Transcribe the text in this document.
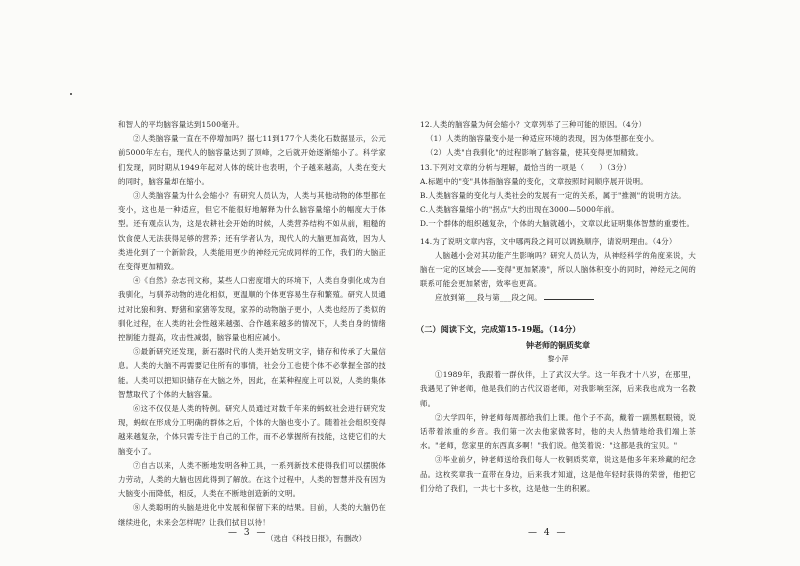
和智人的平均脑容量达到1500毫升。

②人类脑容量一直在不停增加吗？据七11到177个人类化石数据显示，公元前5000年左右，现代人的脑容量达到了顶峰，之后就开始逐渐缩小了。科学家们发现，同时期从1949年起对人体的统计也表明，个子越来越高，人类在变大的同时，脑容量却在缩小。

③人类脑容量为什么会缩小？有研究人员认为，人类与其他动物的体型都在变小，这也是一种适应，但它不能很好地解释为什么脑容量缩小的幅度大于体型。还有观点认为，这是农耕社会开始的时候，人类营养结构不如从前，粗糙的饮食使人无法获得足够的营养；还有学者认为，现代人的大脑更加高效，因为人类进化到了一个新阶段，人类能用更少的神经元完成同样的工作，我们的大脑正在变得更加精致。

④《自然》杂志刊文称，某些人口密度增大的环境下，人类自身驯化成为自我驯化，与驯养动物的进化相似，更温顺的个体更容易生存和繁殖。研究人员通过对比狼和狗、野猪和家猪等发现，家养的动物脑子更小，人类也经历了类似的驯化过程，在人类的社会性越来越强、合作越来越多的情况下，人类自身的情绪控制能力提高，攻击性减弱，脑容量也相应减小。

⑤最新研究还发现，新石器时代的人类开始发明文字，储存和传承了大量信息。人类的大脑不再需要记住所有的事情，社会分工也使个体不必掌握全部的技能。人类可以把知识储存在大脑之外，因此，在某种程度上可以说，人类的集体智慧取代了个体的大脑容量。

⑥这不仅仅是人类的特例。研究人员通过对数千年来的蚂蚁社会进行研究发现，蚂蚁在形成分工明确的群体之后，个体的大脑也变小了。随着社会组织变得越来越复杂，个体只需专注于自己的工作，而不必掌握所有技能，这使它们的大脑变小了。

⑦自古以来，人类不断地发明各种工具，一系列新技术使得我们可以摆脱体力劳动，人类的大脑也因此得到了解放。在这个过程中，人类的智慧并没有因为大脑变小而降低，相反，人类在不断地创造新的文明。

⑧人类聪明的头脑是进化中发展和保留下来的结果。目前，人类的大脑仍在继续进化，未来会怎样呢？让我们拭目以待！

（选自《科技日报》，有删改）

— 3 —

12.人类的脑容量为何会缩小？文章列举了三种可能的原因。（4分）

（1）人类的脑容量变小是一种适应环境的表现，因为体型都在变小。

（2）人类"自我驯化"的过程影响了脑容量，使其变得更加精致。

13.下列对文章的分析与理解，最恰当的一项是（　　）（3分）

A.标题中的"变"具体指脑容量的变化，文章按照时间顺序展开说明。

B.人类脑容量的变化与人类社会的发展有一定的关系，属于"推测"的说明方法。

C.人类脑容量缩小的"拐点"大约出现在3000—5000年前。

D.一个群体的组织越复杂，个体的大脑就越小，文章以此证明集体智慧的重要性。

14.为了说明文章内容，文中哪两段之间可以调换顺序，请说明理由。（4分）

人脑越小会对其功能产生影响吗？研究人员认为，从神经科学的角度来说，大脑在一定的区域会——变得"更加紧凑"，所以人脑体积变小的同时，神经元之间的联系可能会更加紧密，效率也更高。

应放到第___段与第___段之间。

（二）阅读下文，完成第15-19题。（14分）

钟老师的铜质奖章

黎小萍

①1989年，我跟着一群伙伴，上了武汉大学。这一年我才十八岁，在那里，我遇见了钟老师，他是我们的古代汉语老师，对我影响至深，后来我也成为一名教师。

②大学四年，钟老师每周都给我们上课。他个子不高，戴着一副黑框眼镜，说话带着浓重的乡音。我们第一次去他家做客时，他的夫人热情地给我们端上茶水。"老师，您家里的东西真多啊！"我们说。他笑着说："这都是我的宝贝。"

③毕业前夕，钟老师送给我们每人一枚铜质奖章，说这是他多年来珍藏的纪念品。这枚奖章我一直带在身边，后来我才知道，这是他年轻时获得的荣誉，他把它们分给了我们，一共七十多枚，这是他一生的积累。

— 4 —
